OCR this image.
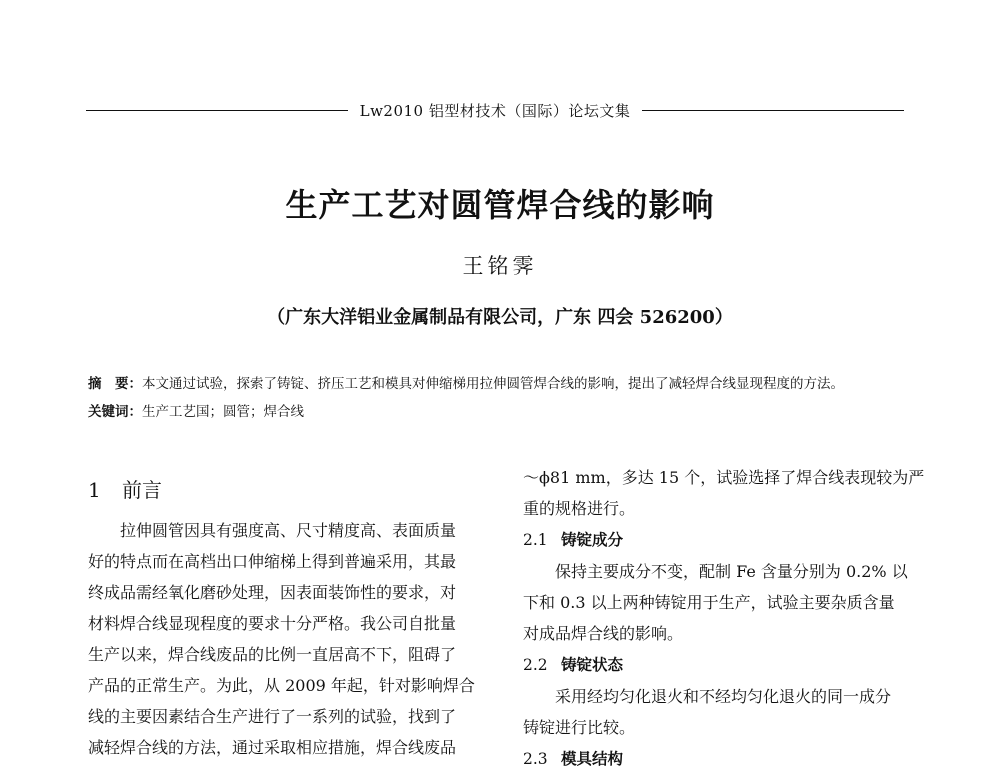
Lw2010 铝型材技术（国际）论坛文集
生产工艺对圆管焊合线的影响
王铭霁
（广东大洋铝业金属制品有限公司，广东 四会 526200）
摘　要：本文通过试验，探索了铸锭、挤压工艺和模具对伸缩梯用拉伸圆管焊合线的影响，提出了减轻焊合线显现程度的方法。
关键词：生产工艺国；圆管；焊合线
1 前言
拉伸圆管因具有强度高、尺寸精度高、表面质量
好的特点而在高档出口伸缩梯上得到普遍采用，其最
终成品需经氧化磨砂处理，因表面装饰性的要求，对
材料焊合线显现程度的要求十分严格。我公司自批量
生产以来，焊合线废品的比例一直居高不下，阻碍了
产品的正常生产。为此，从 2009 年起，针对影响焊合
线的主要因素结合生产进行了一系列的试验，找到了
减轻焊合线的方法，通过采取相应措施，焊合线废品
～ϕ81 mm，多达 15 个，试验选择了焊合线表现较为严
重的规格进行。
2.1 铸锭成分
保持主要成分不变，配制 Fe 含量分别为 0.2% 以
下和 0.3 以上两种铸锭用于生产，试验主要杂质含量
对成品焊合线的影响。
2.2 铸锭状态
采用经均匀化退火和不经均匀化退火的同一成分
铸锭进行比较。
2.3 模具结构
